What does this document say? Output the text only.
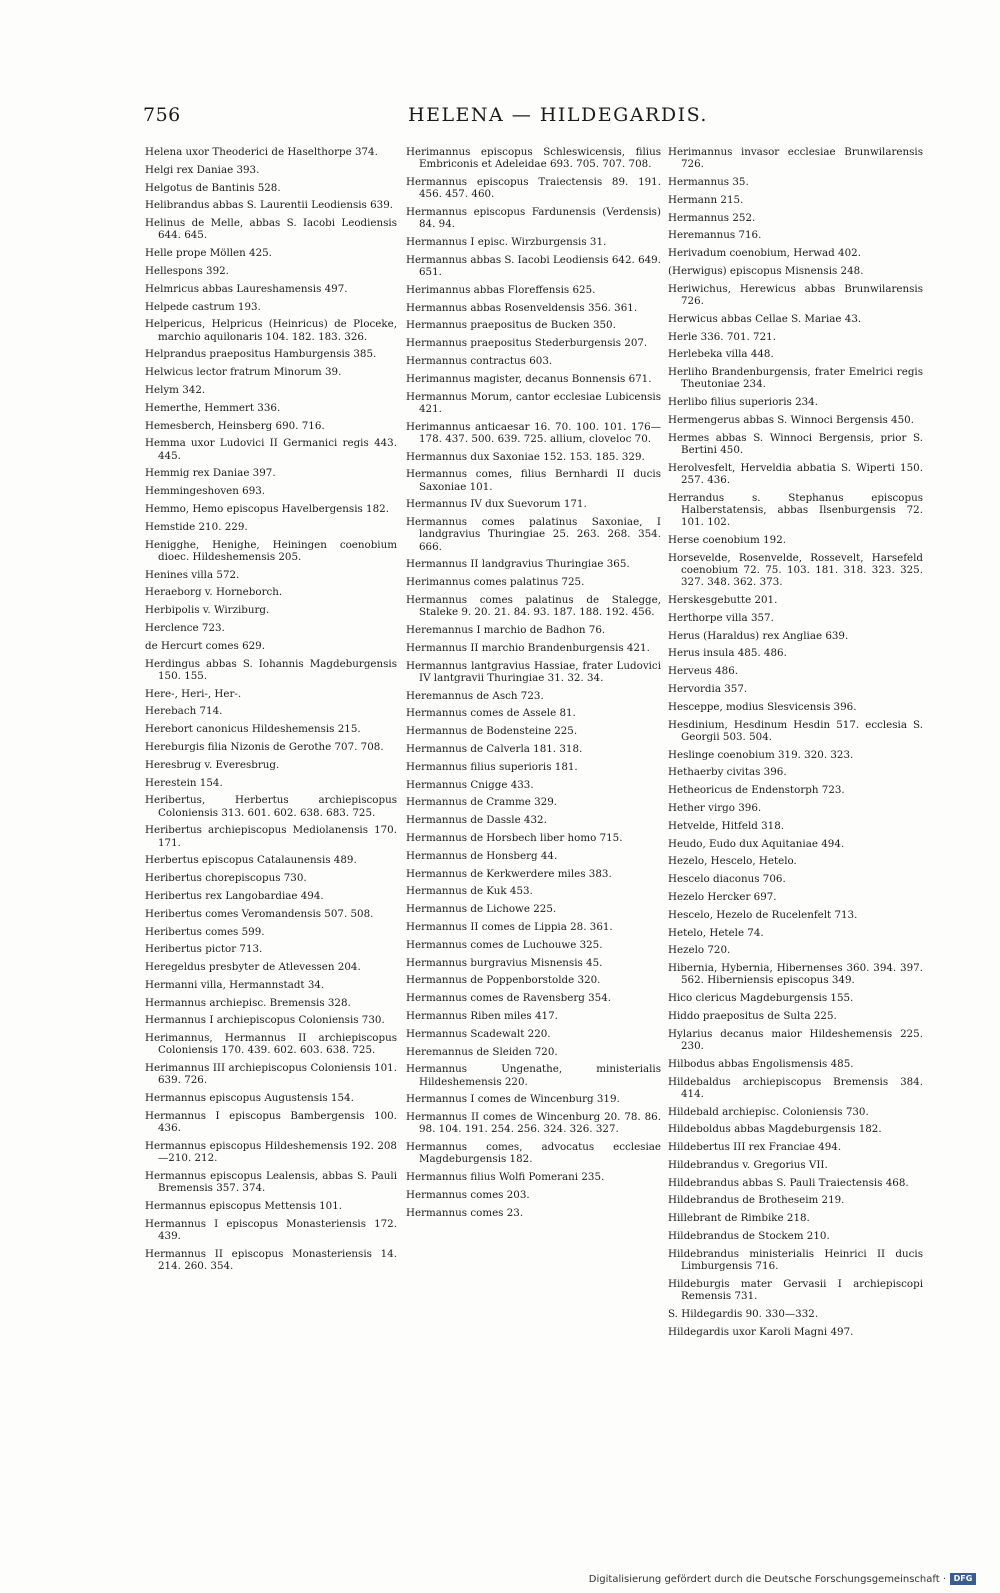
756	HELENA — HILDEGARDIS.

Helena uxor Theoderici de Haselthorpe 374.

Helgi rex Daniae 393.

Helgotus de Bantinis 528.

Helibrandus abbas S. Laurentii Leodiensis 639.

Helinus de Melle, abbas S. Iacobi Leodiensis 644. 645.

Helle prope Möllen 425.

Hellespons 392.

Helmricus abbas Laureshamensis 497.

Helpede castrum 193.

Helpericus, Helpricus (Heinricus) de Ploceke, marchio aquilonaris 104. 182. 183. 326.

Helprandus praepositus Hamburgensis 385.

Helwicus lector fratrum Minorum 39.

Helym 342.

Hemerthe, Hemmert 336.

Hemesberch, Heinsberg 690. 716.

Hemma uxor Ludovici II Germanici regis 443. 445.

Hemmig rex Daniae 397.

Hemmingeshoven 693.

Hemmo, Hemo episcopus Havelbergensis 182.

Hemstide 210. 229.

Henigghe, Henighe, Heiningen coenobium dioec. Hildeshemensis 205.

Henines villa 572.

Heraeborg v. Horneborch.

Herbipolis v. Wirziburg.

Herclence 723.

de Hercurt comes 629.

Herdingus abbas S. Iohannis Magdeburgensis 150. 155.

Here-, Heri-, Her-.

Herebach 714.

Herebort canonicus Hildeshemensis 215.

Hereburgis filia Nizonis de Gerothe 707. 708.

Heresbrug v. Everesbrug.

Herestein 154.

Heribertus, Herbertus archiepiscopus Coloniensis 313. 601. 602. 638. 683. 725.

Heribertus archiepiscopus Mediolanensis 170. 171.

Herbertus episcopus Catalaunensis 489.

Heribertus chorepiscopus 730.

Heribertus rex Langobardiae 494.

Heribertus comes Veromandensis 507. 508.

Heribertus comes 599.

Heribertus pictor 713.

Heregeldus presbyter de Atlevessen 204.

Hermanni villa, Hermannstadt 34.

Hermannus archiepisc. Bremensis 328.

Hermannus I archiepiscopus Coloniensis 730.

Herimannus, Hermannus II archiepiscopus Coloniensis 170. 439. 602. 603. 638. 725.

Herimannus III archiepiscopus Coloniensis 101. 639. 726.

Hermannus episcopus Augustensis 154.

Hermannus I episcopus Bambergensis 100. 436.

Hermannus episcopus Hildeshemensis 192. 208—210. 212.

Hermannus episcopus Lealensis, abbas S. Pauli Bremensis 357. 374.

Hermannus episcopus Mettensis 101.

Hermannus I episcopus Monasteriensis 172. 439.

Hermannus II episcopus Monasteriensis 14. 214. 260. 354.

Herimannus episcopus Schleswicensis, filius Embriconis et Adeleidae 693. 705. 707. 708.

Hermannus episcopus Traiectensis 89. 191. 456. 457. 460.

Hermannus episcopus Fardunensis (Verdensis) 84. 94.

Hermannus I episc. Wirzburgensis 31.

Hermannus abbas S. Iacobi Leodiensis 642. 649. 651.

Herimannus abbas Floreffensis 625.

Hermannus abbas Rosenveldensis 356. 361.

Hermannus praepositus de Bucken 350.

Hermannus praepositus Stederburgensis 207.

Hermannus contractus 603.

Herimannus magister, decanus Bonnensis 671.

Hermannus Morum, cantor ecclesiae Lubicensis 421.

Herimannus anticaesar 16. 70. 100. 101. 176—178. 437. 500. 639. 725. allium, cloveloc 70.

Hermannus dux Saxoniae 152. 153. 185. 329.

Hermannus comes, filius Bernhardi II ducis Saxoniae 101.

Hermannus IV dux Suevorum 171.

Hermannus comes palatinus Saxoniae, I landgravius Thuringiae 25. 263. 268. 354. 666.

Hermannus II landgravius Thuringiae 365.

Herimannus comes palatinus 725.

Hermannus comes palatinus de Stalegge, Staleke 9. 20. 21. 84. 93. 187. 188. 192. 456.

Heremannus I marchio de Badhon 76.

Hermannus II marchio Brandenburgensis 421.

Hermannus lantgravius Hassiae, frater Ludovici IV lantgravii Thuringiae 31. 32. 34.

Heremannus de Asch 723.

Hermannus comes de Assele 81.

Hermannus de Bodensteine 225.

Hermannus de Calverla 181. 318.

Hermannus filius superioris 181.

Hermannus Cnigge 433.

Hermannus de Cramme 329.

Hermannus de Dassle 432.

Hermannus de Horsbech liber homo 715.

Hermannus de Honsberg 44.

Hermannus de Kerkwerdere miles 383.

Hermannus de Kuk 453.

Hermannus de Lichowe 225.

Hermannus II comes de Lippia 28. 361.

Hermannus comes de Luchouwe 325.

Hermannus burgravius Misnensis 45.

Hermannus de Poppenborstolde 320.

Hermannus comes de Ravensberg 354.

Hermannus Riben miles 417.

Hermannus Scadewalt 220.

Heremannus de Sleiden 720.

Hermannus Ungenathe, ministerialis Hildeshemensis 220.

Hermannus I comes de Wincenburg 319.

Hermannus II comes de Wincenburg 20. 78. 86. 98. 104. 191. 254. 256. 324. 326. 327.

Hermannus comes, advocatus ecclesiae Magdeburgensis 182.

Hermannus filius Wolfi Pomerani 235.

Hermannus comes 203.

Hermannus comes 23.

Herimannus invasor ecclesiae Brunwilarensis 726.

Hermannus 35.

Hermann 215.

Hermannus 252.

Heremannus 716.

Herivadum coenobium, Herwad 402.

(Herwigus) episcopus Misnensis 248.

Heriwichus, Herewicus abbas Brunwilarensis 726.

Herwicus abbas Cellae S. Mariae 43.

Herle 336. 701. 721.

Herlebeka villa 448.

Herliho Brandenburgensis, frater Emelrici regis Theutoniae 234.

Herlibo filius superioris 234.

Hermengerus abbas S. Winnoci Bergensis 450.

Hermes abbas S. Winnoci Bergensis, prior S. Bertini 450.

Herolvesfelt, Herveldia abbatia S. Wiperti 150. 257. 436.

Herrandus s. Stephanus episcopus Halberstatensis, abbas Ilsenburgensis 72. 101. 102.

Herse coenobium 192.

Horsevelde, Rosenvelde, Rossevelt, Harsefeld coenobium 72. 75. 103. 181. 318. 323. 325. 327. 348. 362. 373.

Herskesgebutte 201.

Herthorpe villa 357.

Herus (Haraldus) rex Angliae 639.

Herus insula 485. 486.

Herveus 486.

Hervordia 357.

Hesceppe, modius Slesvicensis 396.

Hesdinium, Hesdinum Hesdin 517. ecclesia S. Georgii 503. 504.

Heslinge coenobium 319. 320. 323.

Hethaerby civitas 396.

Hetheoricus de Endenstorph 723.

Hether virgo 396.

Hetvelde, Hitfeld 318.

Heudo, Eudo dux Aquitaniae 494.

Hezelo, Hescelo, Hetelo.

Hescelo diaconus 706.

Hezelo Hercker 697.

Hescelo, Hezelo de Rucelenfelt 713.

Hetelo, Hetele 74.

Hezelo 720.

Hibernia, Hybernia, Hibernenses 360. 394. 397. 562. Hiberniensis episcopus 349.

Hico clericus Magdeburgensis 155.

Hiddo praepositus de Sulta 225.

Hylarius decanus maior Hildeshemensis 225. 230.

Hilbodus abbas Engolismensis 485.

Hildebaldus archiepiscopus Bremensis 384. 414.

Hildebald archiepisc. Coloniensis 730.

Hildeboldus abbas Magdeburgensis 182.

Hildebertus III rex Franciae 494.

Hildebrandus v. Gregorius VII.

Hildebrandus abbas S. Pauli Traiectensis 468.

Hildebrandus de Brotheseim 219.

Hillebrant de Rimbike 218.

Hildebrandus de Stockem 210.

Hildebrandus ministerialis Heinrici II ducis Limburgensis 716.

Hildeburgis mater Gervasii I archiepiscopi Remensis 731.

S. Hildegardis 90. 330—332.

Hildegardis uxor Karoli Magni 497.

Digitalisierung gefördert durch die Deutsche Forschungsgemeinschaft · DFG
